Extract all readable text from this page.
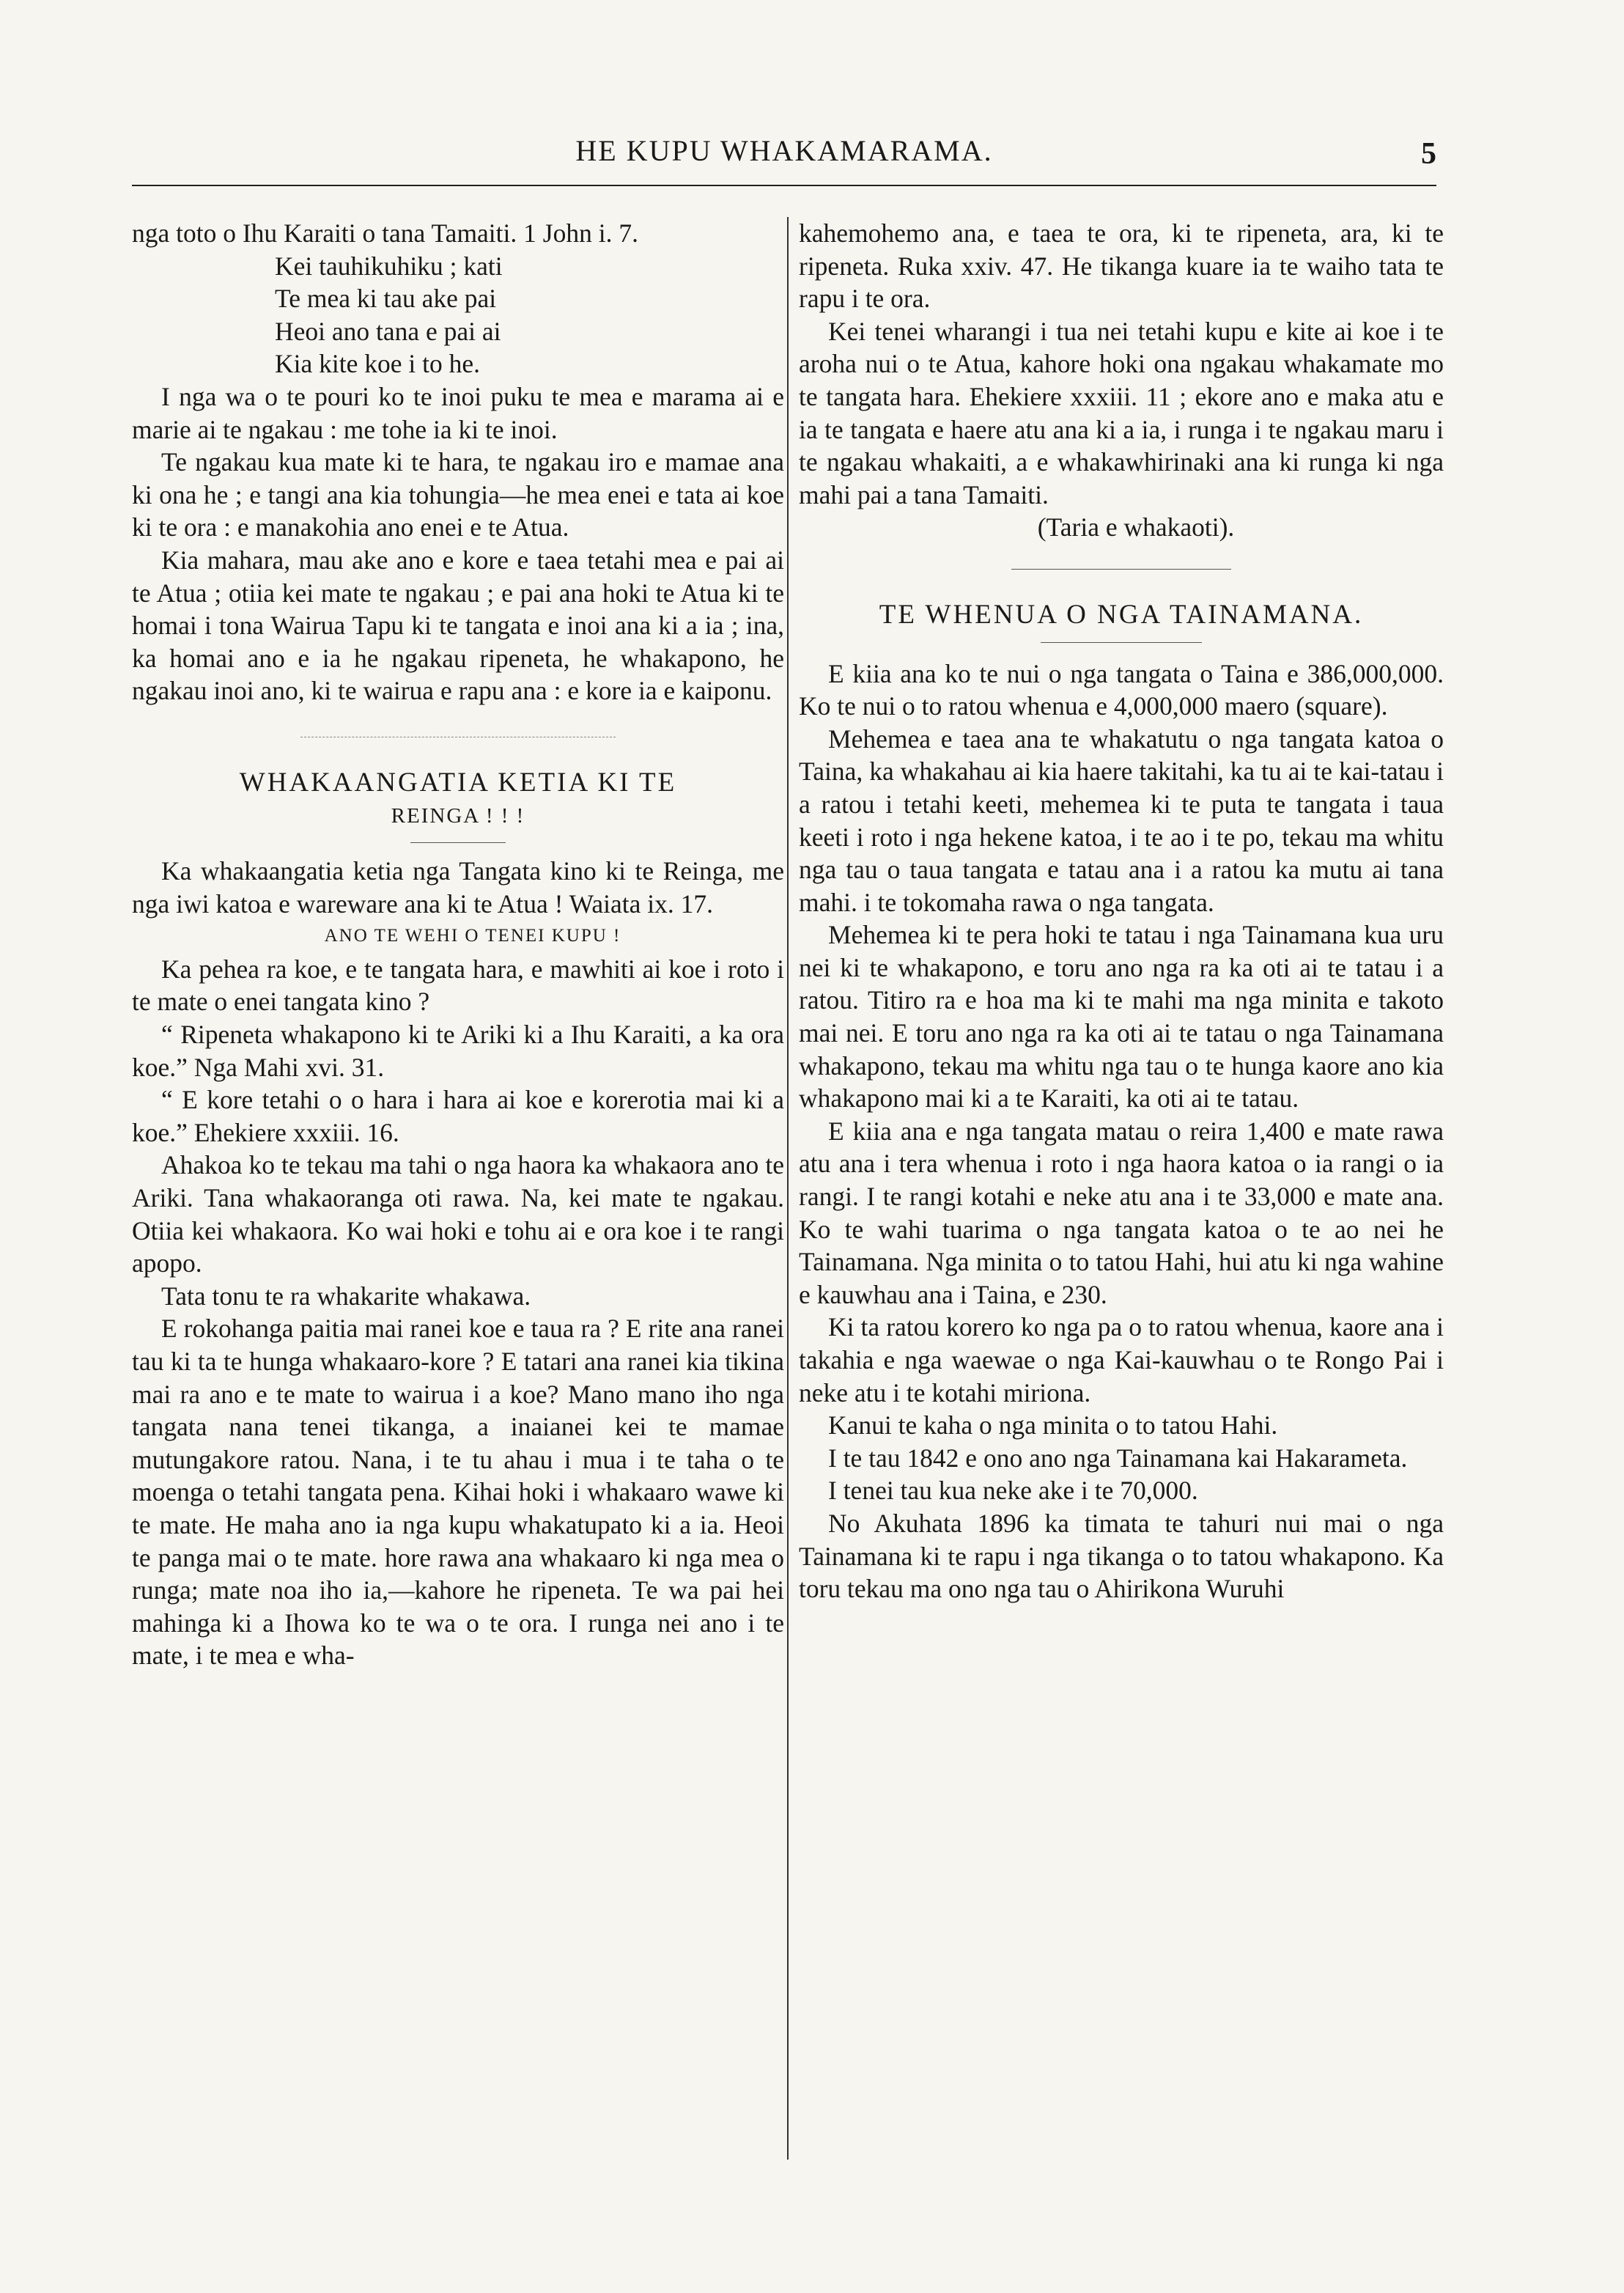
HE KUPU WHAKAMARAMA.	5

nga toto o Ihu Karaiti o tana Tamaiti. 1 John i. 7.

Kei tauhikuhiku ; kati
Te mea ki tau ake pai
Heoi ano tana e pai ai
Kia kite koe i to he.

I nga wa o te pouri ko te inoi puku te mea e marama ai e marie ai te ngakau : me tohe ia ki te inoi.

Te ngakau kua mate ki te hara, te ngakau iro e mamae ana ki ona he ; e tangi ana kia tohungia—he mea enei e tata ai koe ki te ora : e manakohia ano enei e te Atua.

Kia mahara, mau ake ano e kore e taea tetahi mea e pai ai te Atua ; otiia kei mate te ngakau ; e pai ana hoki te Atua ki te homai i tona Wairua Tapu ki te tangata e inoi ana ki a ia ; ina, ka homai ano e ia he ngakau ripeneta, he whakapono, he ngakau inoi ano, ki te wairua e rapu ana : e kore ia e kaiponu.

WHAKAANGATIA KETIA KI TE
REINGA ! ! !

Ka whakaangatia ketia nga Tangata kino ki te Reinga, me nga iwi katoa e wareware ana ki te Atua ! Waiata ix. 17.

ANO TE WEHI O TENEI KUPU !

Ka pehea ra koe, e te tangata hara, e mawhiti ai koe i roto i te mate o enei tangata kino ?

“ Ripeneta whakapono ki te Ariki ki a Ihu Karaiti, a ka ora koe.” Nga Mahi xvi. 31.

“ E kore tetahi o o hara i hara ai koe e korerotia mai ki a koe.” Ehekiere xxxiii. 16.

Ahakoa ko te tekau ma tahi o nga haora ka whakaora ano te Ariki. Tana whakaoranga oti rawa. Na, kei mate te ngakau. Otiia kei whakaora. Ko wai hoki e tohu ai e ora koe i te rangi apopo.

Tata tonu te ra whakarite whakawa.

E rokohanga paitia mai ranei koe e taua ra ? E rite ana ranei tau ki ta te hunga whakaaro-kore ? E tatari ana ranei kia tikina mai ra ano e te mate to wairua i a koe? Mano mano iho nga tangata nana tenei tikanga, a inaianei kei te mamae mutungakore ratou. Nana, i te tu ahau i mua i te taha o te moenga o tetahi tangata pena. Kihai hoki i whakaaro wawe ki te mate. He maha ano ia nga kupu whakatupato ki a ia. Heoi te panga mai o te mate. hore rawa ana whakaaro ki nga mea o runga; mate noa iho ia,—kahore he ripeneta. Te wa pai hei mahinga ki a Ihowa ko te wa o te ora. I runga nei ano i te mate, i te mea e wha-

kahemohemo ana, e taea te ora, ki te ripeneta, ara, ki te ripeneta. Ruka xxiv. 47. He tikanga kuare ia te waiho tata te rapu i te ora.

Kei tenei wharangi i tua nei tetahi kupu e kite ai koe i te aroha nui o te Atua, kahore hoki ona ngakau whakamate mo te tangata hara. Ehekiere xxxiii. 11 ; ekore ano e maka atu e ia te tangata e haere atu ana ki a ia, i runga i te ngakau maru i te ngakau whakaiti, a e whakawhirinaki ana ki runga ki nga mahi pai a tana Tamaiti.

(Taria e whakaoti).

TE WHENUA O NGA TAINAMANA.

E kiia ana ko te nui o nga tangata o Taina e 386,000,000. Ko te nui o to ratou whenua e 4,000,000 maero (square).

Mehemea e taea ana te whakatutu o nga tangata katoa o Taina, ka whakahau ai kia haere takitahi, ka tu ai te kai-tatau i a ratou i tetahi keeti, mehemea ki te puta te tangata i taua keeti i roto i nga hekene katoa, i te ao i te po, tekau ma whitu nga tau o taua tangata e tatau ana i a ratou ka mutu ai tana mahi. i te tokomaha rawa o nga tangata.

Mehemea ki te pera hoki te tatau i nga Tainamana kua uru nei ki te whakapono, e toru ano nga ra ka oti ai te tatau i a ratou. Titiro ra e hoa ma ki te mahi ma nga minita e takoto mai nei. E toru ano nga ra ka oti ai te tatau o nga Tainamana whakapono, tekau ma whitu nga tau o te hunga kaore ano kia whakapono mai ki a te Karaiti, ka oti ai te tatau.

E kiia ana e nga tangata matau o reira 1,400 e mate rawa atu ana i tera whenua i roto i nga haora katoa o ia rangi o ia rangi. I te rangi kotahi e neke atu ana i te 33,000 e mate ana. Ko te wahi tuarima o nga tangata katoa o te ao nei he Tainamana. Nga minita o to tatou Hahi, hui atu ki nga wahine e kauwhau ana i Taina, e 230.

Ki ta ratou korero ko nga pa o to ratou whenua, kaore ana i takahia e nga waewae o nga Kai-kauwhau o te Rongo Pai i neke atu i te kotahi miriona.

Kanui te kaha o nga minita o to tatou Hahi.

I te tau 1842 e ono ano nga Tainamana kai Hakarameta.

I tenei tau kua neke ake i te 70,000.

No Akuhata 1896 ka timata te tahuri nui mai o nga Tainamana ki te rapu i nga tikanga o to tatou whakapono. Ka toru tekau ma ono nga tau o Ahirikona Wuruhi
